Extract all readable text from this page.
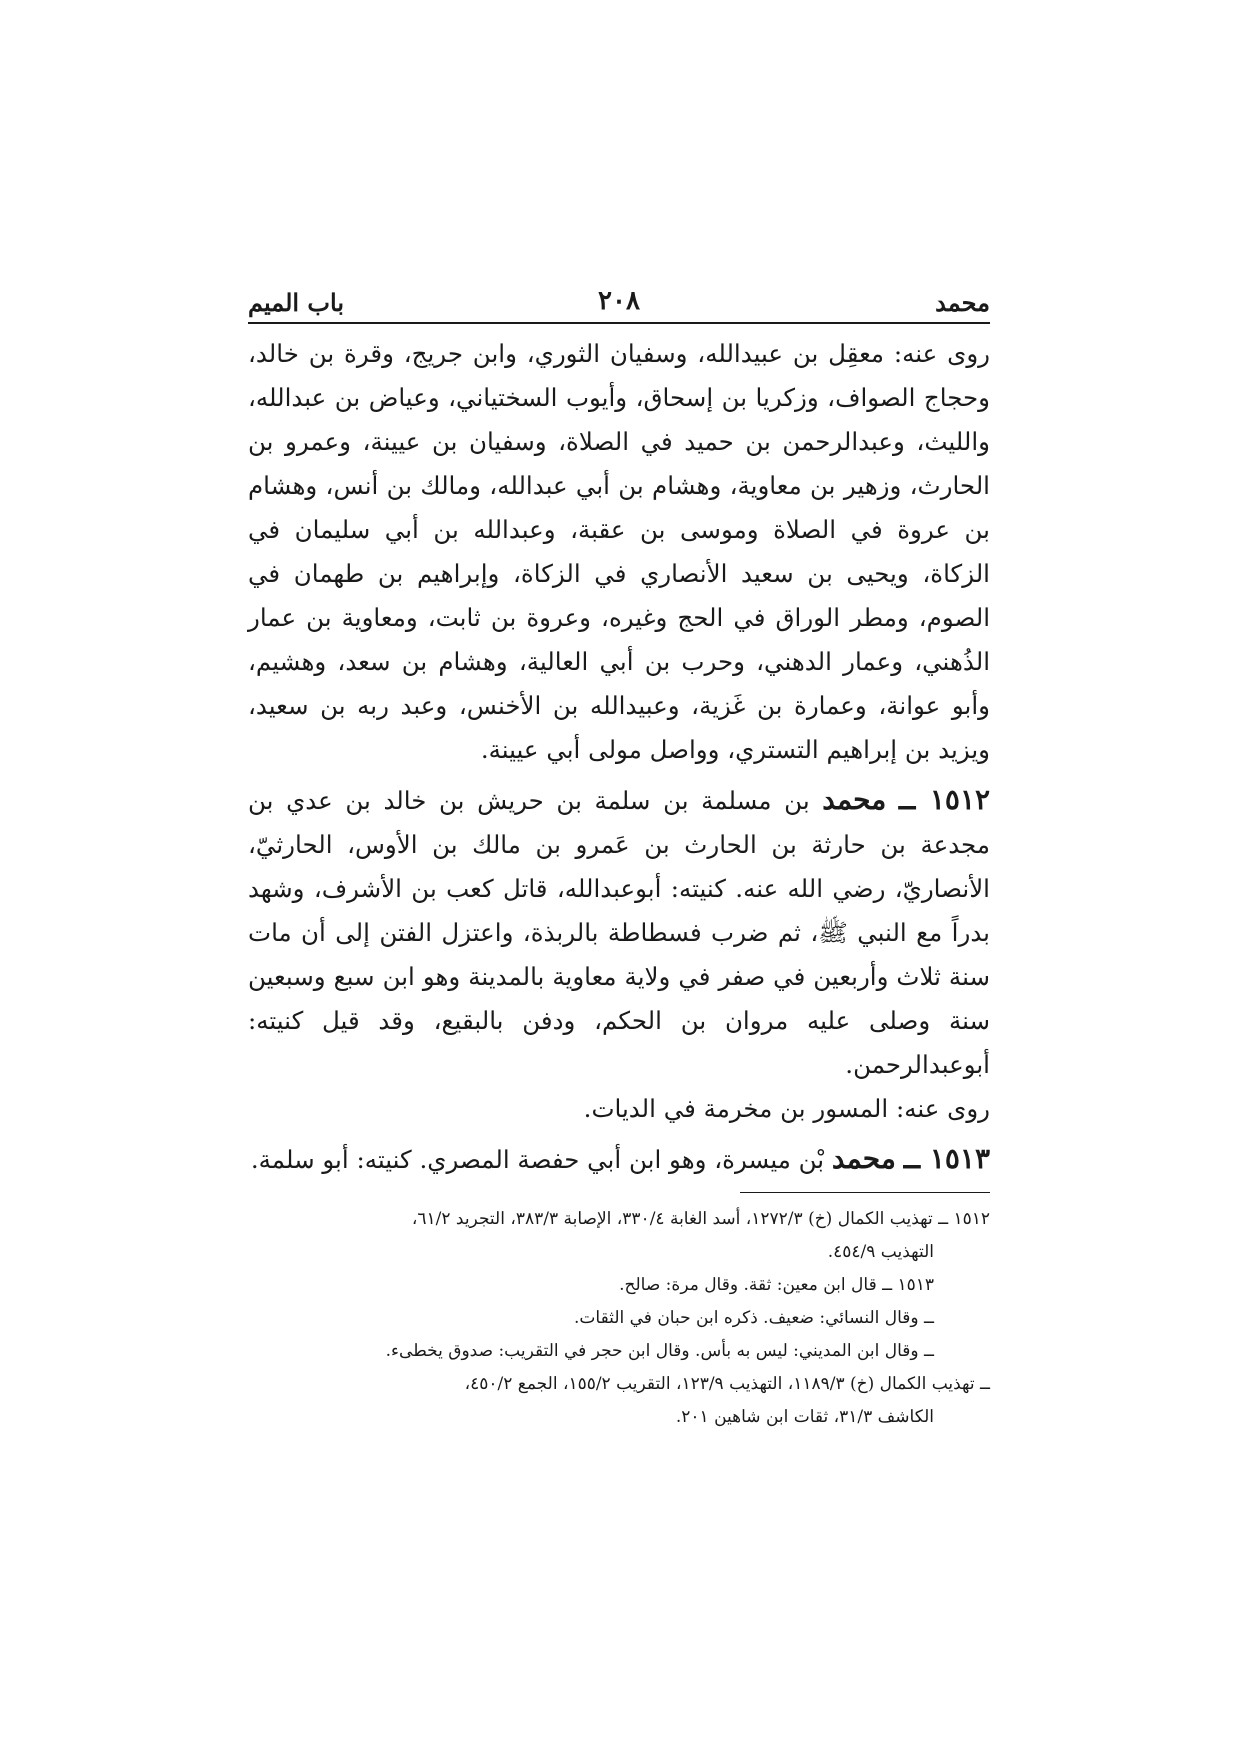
محمد
٢٠٨
باب الميم

روى عنه: معقِل بن عبيدالله، وسفيان الثوري، وابن جريج، وقرة بن خالد، وحجاج الصواف، وزكريا بن إسحاق، وأيوب السختياني، وعياض بن عبدالله، والليث، وعبدالرحمن بن حميد في الصلاة، وسفيان بن عيينة، وعمرو بن الحارث، وزهير بن معاوية، وهشام بن أبي عبدالله، ومالك بن أنس، وهشام بن عروة في الصلاة وموسى بن عقبة، وعبدالله بن أبي سليمان في الزكاة، ويحيى بن سعيد الأنصاري في الزكاة، وإبراهيم بن طهمان في الصوم، ومطر الوراق في الحج وغيره، وعروة بن ثابت، ومعاوية بن عمار الذُهني، وعمار الدهني، وحرب بن أبي العالية، وهشام بن سعد، وهشيم، وأبو عوانة، وعمارة بن غَزية، وعبيدالله بن الأخنس، وعبد ربه بن سعيد، ويزيد بن إبراهيم التستري، وواصل مولى أبي عيينة.

١٥١٢ ــ محمد بن مسلمة بن سلمة بن حريش بن خالد بن عدي بن مجدعة بن حارثة بن الحارث بن عَمرو بن مالك بن الأوس، الحارثيّ، الأنصاريّ، رضي الله عنه. كنيته: أبوعبدالله، قاتل كعب بن الأشرف، وشهد بدراً مع النبي ﷺ، ثم ضرب فسطاطة بالربذة، واعتزل الفتن إلى أن مات سنة ثلاث وأربعين في صفر في ولاية معاوية بالمدينة وهو ابن سبع وسبعين سنة وصلى عليه مروان بن الحكم، ودفن بالبقيع، وقد قيل كنيته: أبوعبدالرحمن.

روى عنه: المسور بن مخرمة في الديات.

١٥١٣ ــ محمد بْن ميسرة، وهو ابن أبي حفصة المصري. كنيته: أبو سلمة.

١٥١٢ ــ تهذيب الكمال (خ) ١٢٧٢/٣، أسد الغابة ٣٣٠/٤، الإصابة ٣٨٣/٣، التجريد ٦١/٢،

التهذيب ٤٥٤/٩.

١٥١٣ ــ قال ابن معين: ثقة. وقال مرة: صالح.

ــ وقال النسائي: ضعيف. ذكره ابن حبان في الثقات.

ــ وقال ابن المديني: ليس به بأس. وقال ابن حجر في التقريب: صدوق يخطىء.

ــ تهذيب الكمال (خ) ١١٨٩/٣، التهذيب ١٢٣/٩، التقريب ١٥٥/٢، الجمع ٤٥٠/٢،

الكاشف ٣١/٣، ثقات ابن شاهين ٢٠١.
